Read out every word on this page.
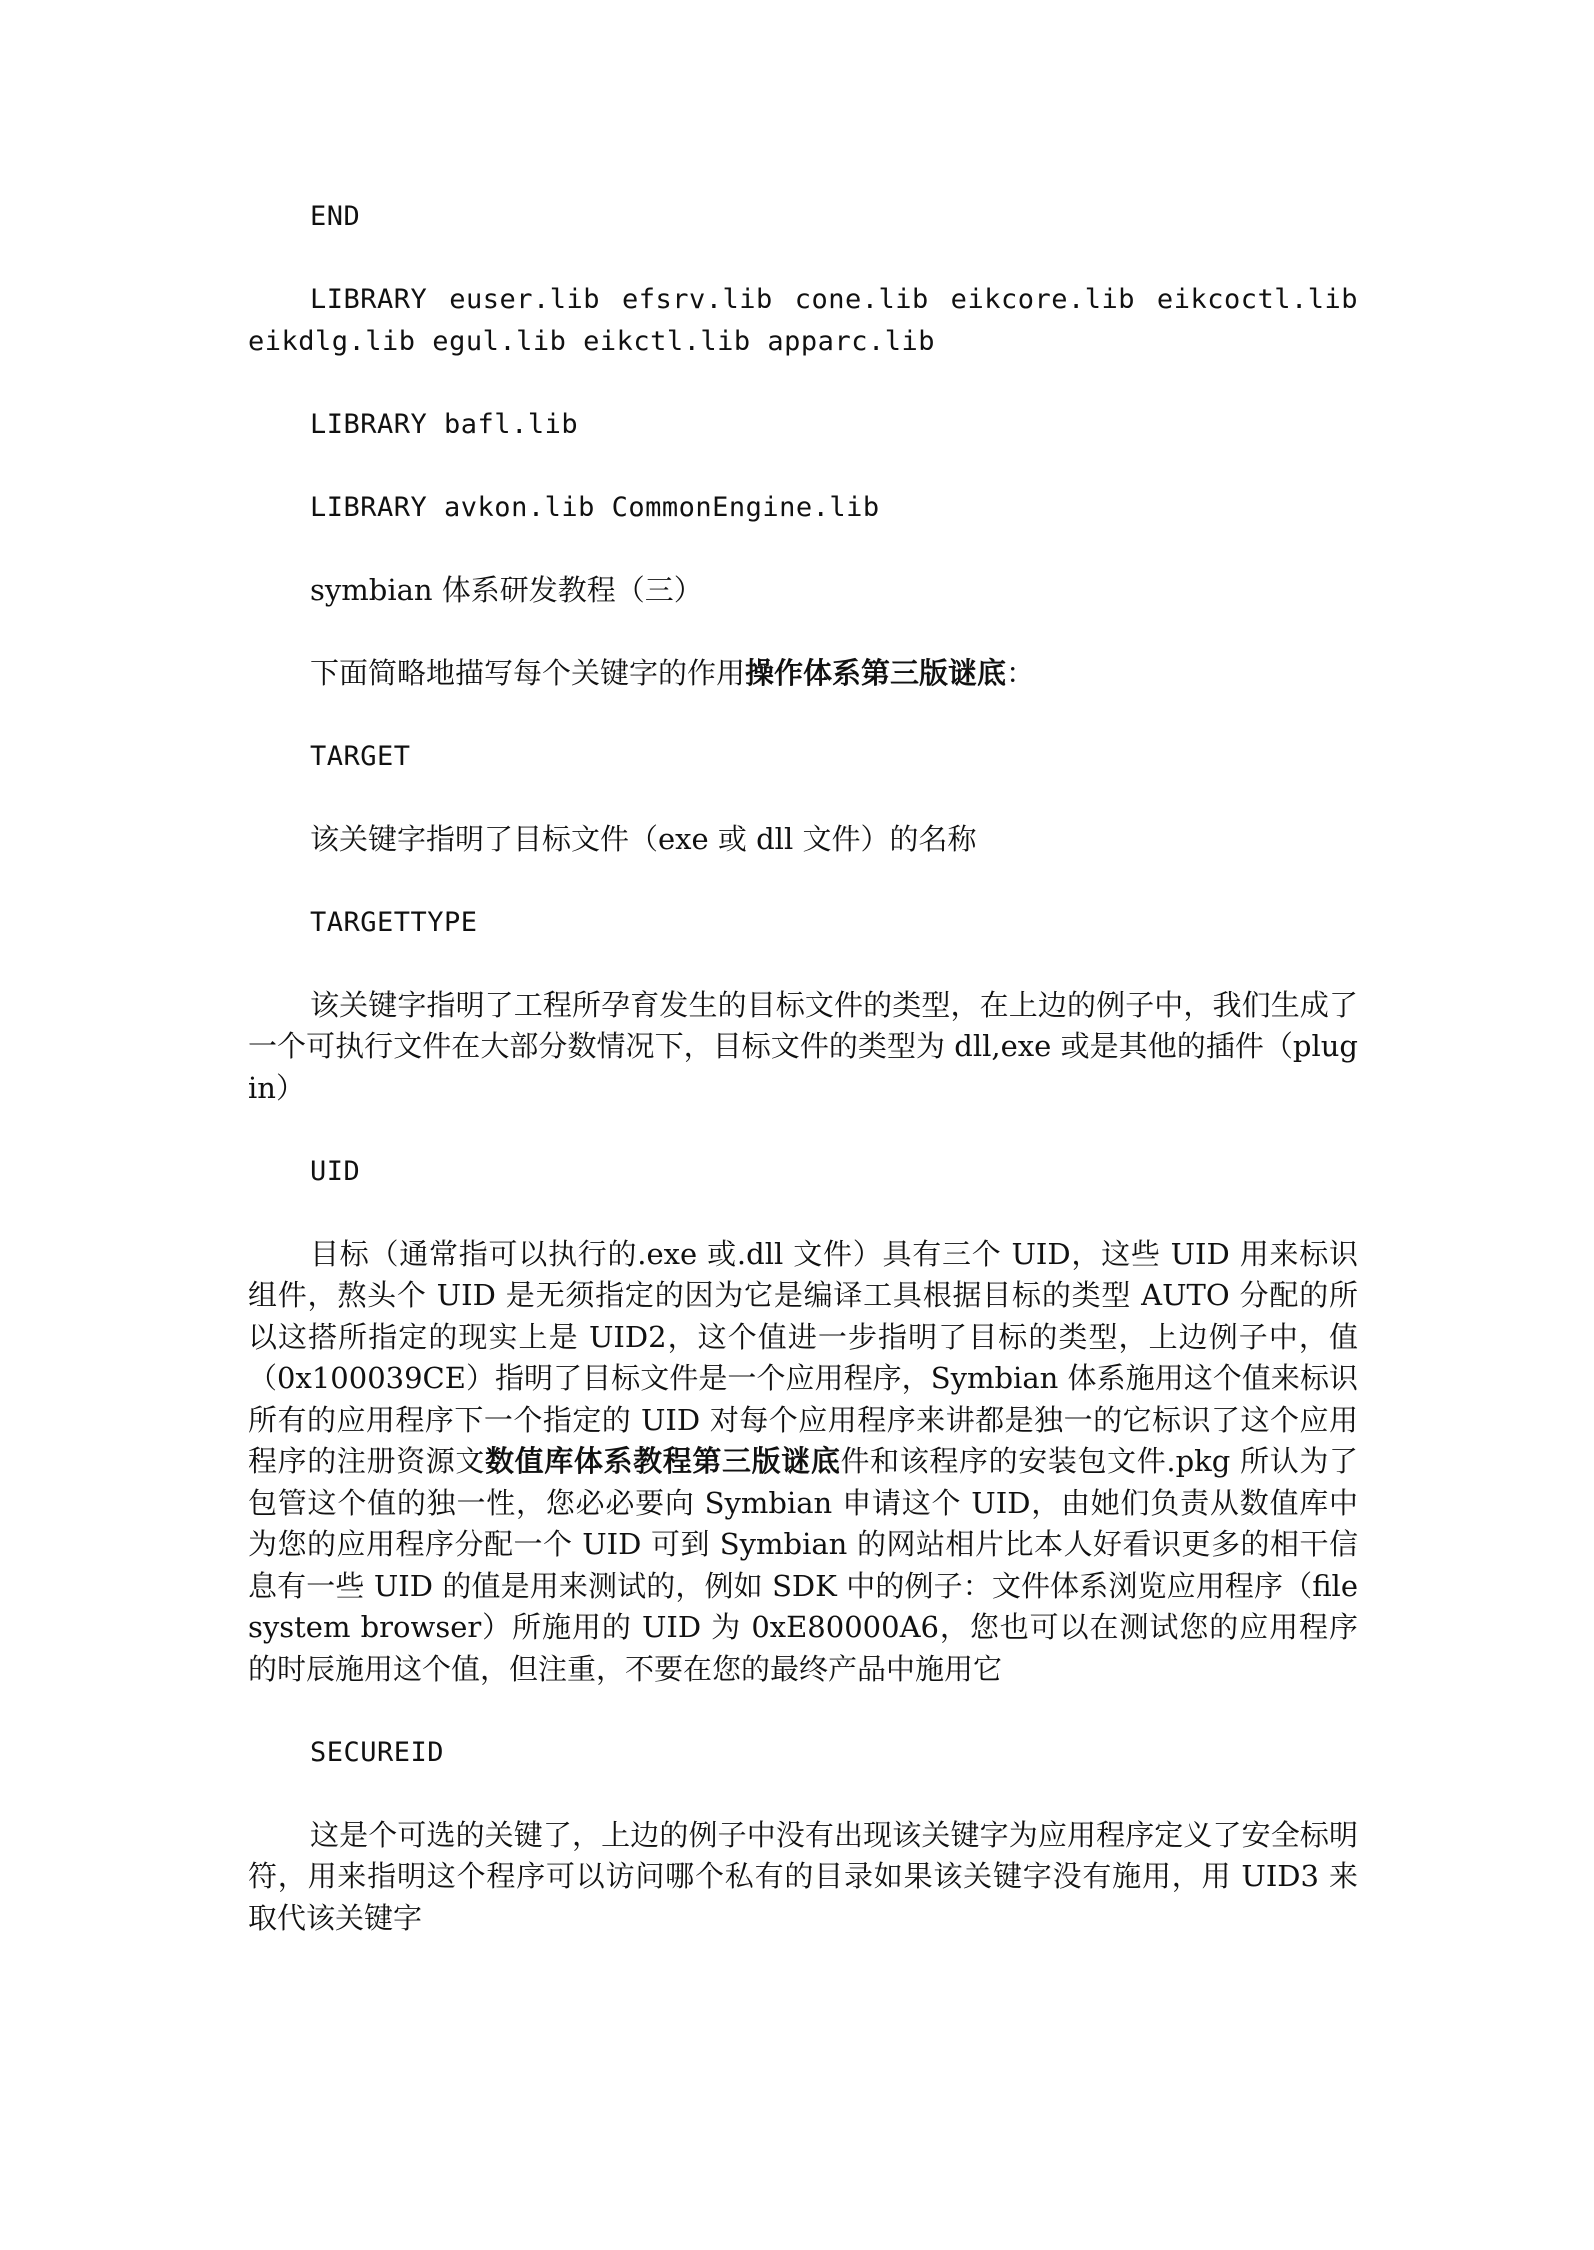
END

LIBRARY euser.lib efsrv.lib cone.lib eikcore.lib eikcoctl.lib eikdlg.lib egul.lib eikctl.lib apparc.lib

LIBRARY bafl.lib

LIBRARY avkon.lib CommonEngine.lib

symbian 体系研发教程（三）

下面简略地描写每个关键字的作用操作体系第三版谜底：

TARGET

该关键字指明了目标文件（exe 或 dll 文件）的名称

TARGETTYPE

该关键字指明了工程所孕育发生的目标文件的类型，在上边的例子中，我们生成了一个可执行文件在大部分数情况下，目标文件的类型为 dll,exe 或是其他的插件（plugin）

UID

目标（通常指可以执行的.exe 或.dll 文件）具有三个 UID，这些 UID 用来标识组件，熬头个 UID 是无须指定的因为它是编译工具根据目标的类型 AUTO 分配的所以这搭所指定的现实上是 UID2，这个值进一步指明了目标的类型，上边例子中，值（0x100039CE）指明了目标文件是一个应用程序，Symbian 体系施用这个值来标识所有的应用程序下一个指定的 UID 对每个应用程序来讲都是独一的它标识了这个应用程序的注册资源文数值库体系教程第三版谜底件和该程序的安装包文件.pkg 所认为了包管这个值的独一性，您必必要向 Symbian 申请这个 UID，由她们负责从数值库中为您的应用程序分配一个 UID 可到 Symbian 的网站相片比本人好看识更多的相干信息有一些 UID 的值是用来测试的，例如 SDK 中的例子：文件体系浏览应用程序（filesystem browser）所施用的 UID 为 0xE80000A6，您也可以在测试您的应用程序的时辰施用这个值，但注重，不要在您的最终产品中施用它

SECUREID

这是个可选的关键了，上边的例子中没有出现该关键字为应用程序定义了安全标明符，用来指明这个程序可以访问哪个私有的目录如果该关键字没有施用，用 UID3 来取代该关键字
